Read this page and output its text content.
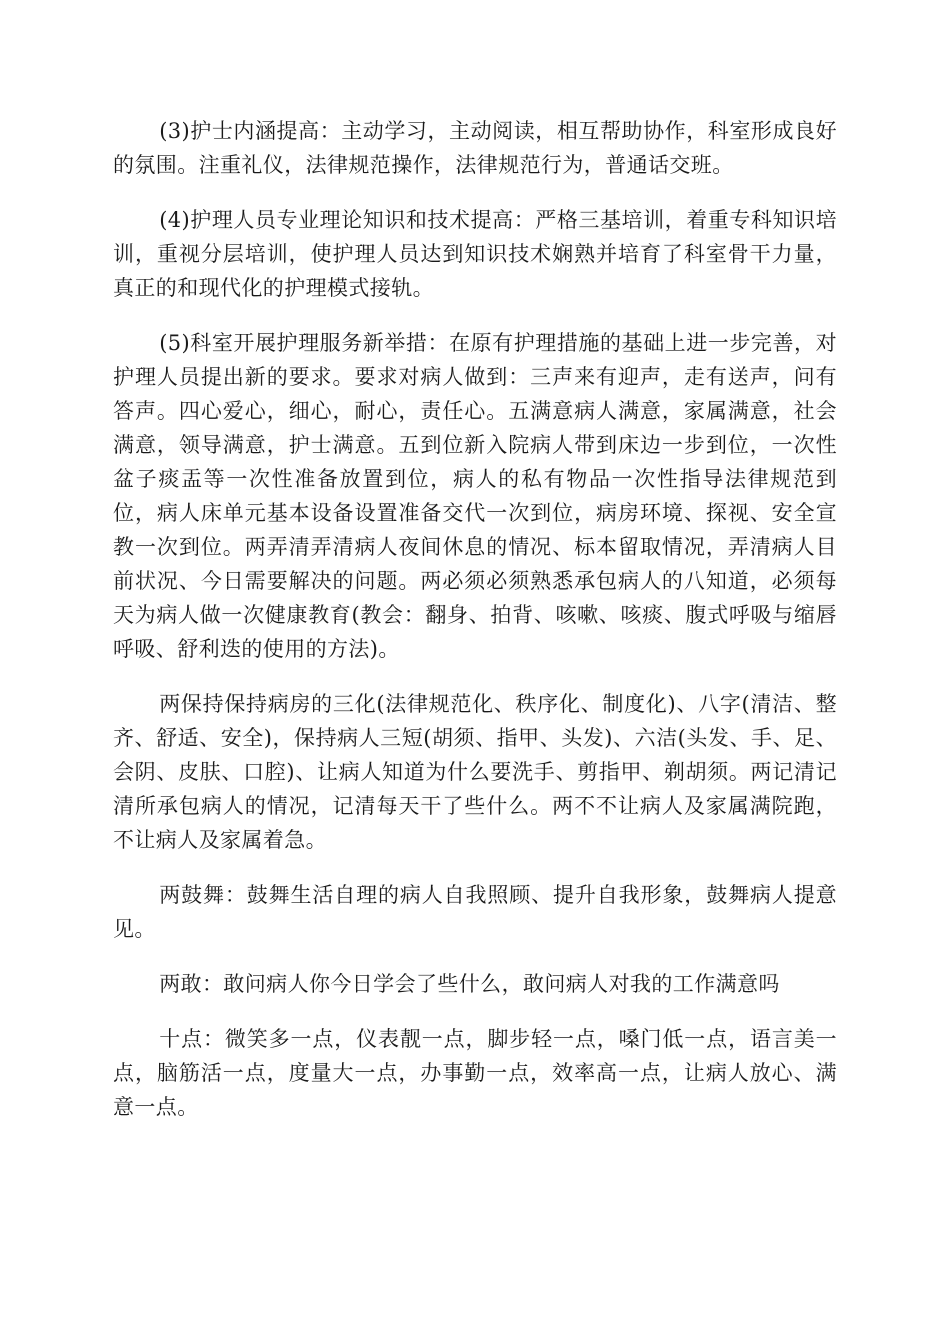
(3)护士内涵提高：主动学习，主动阅读，相互帮助协作，科室形成良好的氛围。注重礼仪，法律规范操作，法律规范行为，普通话交班。

(4)护理人员专业理论知识和技术提高：严格三基培训，着重专科知识培训，重视分层培训，使护理人员达到知识技术娴熟并培育了科室骨干力量，真正的和现代化的护理模式接轨。

(5)科室开展护理服务新举措：在原有护理措施的基础上进一步完善，对护理人员提出新的要求。要求对病人做到：三声来有迎声，走有送声，问有答声。四心爱心，细心，耐心，责任心。五满意病人满意，家属满意，社会满意，领导满意，护士满意。五到位新入院病人带到床边一步到位，一次性盆子痰盂等一次性准备放置到位，病人的私有物品一次性指导法律规范到位，病人床单元基本设备设置准备交代一次到位，病房环境、探视、安全宣教一次到位。两弄清弄清病人夜间休息的情况、标本留取情况，弄清病人目前状况、今日需要解决的问题。两必须必须熟悉承包病人的八知道，必须每天为病人做一次健康教育(教会：翻身、拍背、咳嗽、咳痰、腹式呼吸与缩唇呼吸、舒利迭的使用的方法)。

两保持保持病房的三化(法律规范化、秩序化、制度化)、八字(清洁、整齐、舒适、安全)，保持病人三短(胡须、指甲、头发)、六洁(头发、手、足、会阴、皮肤、口腔)、让病人知道为什么要洗手、剪指甲、剃胡须。两记清记清所承包病人的情况，记清每天干了些什么。两不不让病人及家属满院跑，不让病人及家属着急。

两鼓舞：鼓舞生活自理的病人自我照顾、提升自我形象，鼓舞病人提意见。

两敢：敢问病人你今日学会了些什么，敢问病人对我的工作满意吗

十点：微笑多一点，仪表靓一点，脚步轻一点，嗓门低一点，语言美一点，脑筋活一点，度量大一点，办事勤一点，效率高一点，让病人放心、满意一点。
